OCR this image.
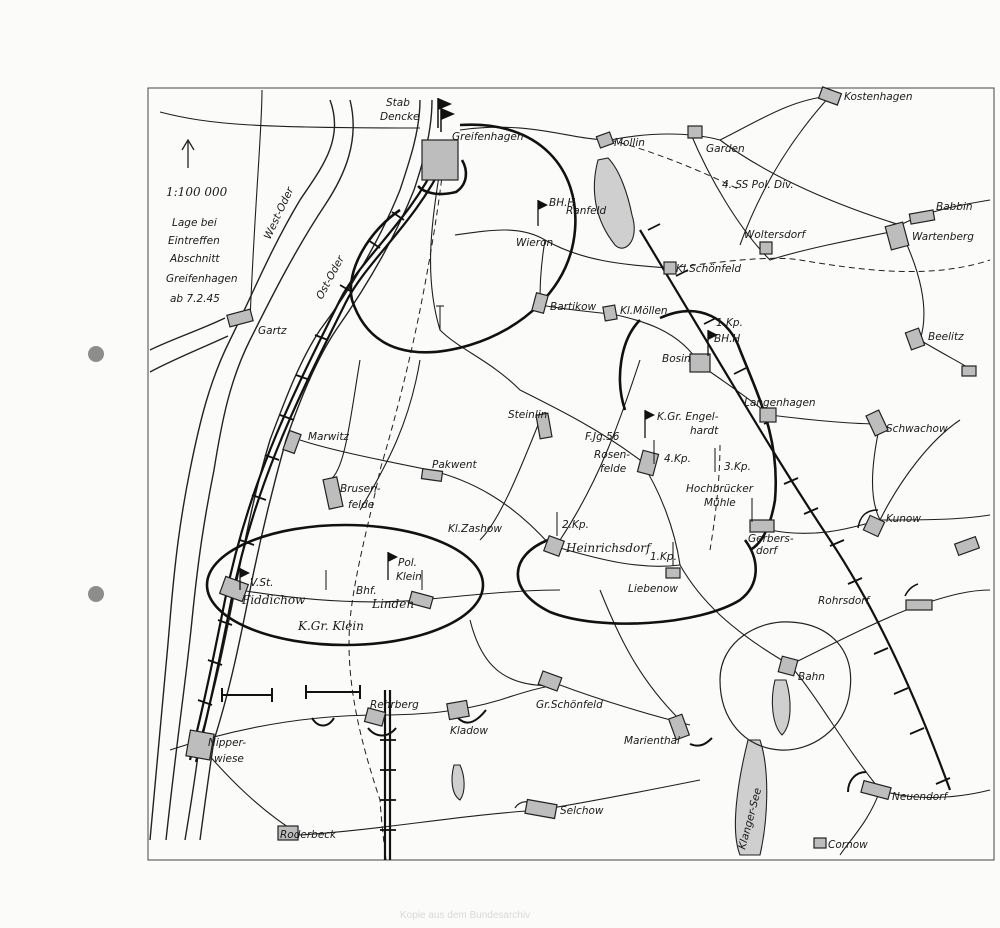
1:100 000
Lage bei
Eintreffen
Abschnitt
Greifenhagen
ab 7.2.45
West-Oder
Ost-Oder
Klanger-See
4. SS Pol. Div.
Stab
Dencke
BH.H
1.Kp.
BH.H
F.Jg.56
K.Gr. Engel-
hardt
4.Kp.
3.Kp.
2.Kp.
1.Kp.
V.St.
Pol.
Klein
Bhf.
K.Gr. Klein
Greifenhagen	Mollin	Garden
Kostenhagen
Babbin
Wartenberg
Woltersdorf
Ranfeld
Wieron
Kl.Schönfeld
Bartikow Kl.Möllen
Bosin
Beelitz
Langenhagen
Schwachow
Gartz
Marwitz
Steinlin
Rosen-
felde
Hochbrücker
Mühle
Brusen-
felde
Pakwent
Kl.Zashow
Heinrichsdorf
Gerbers-
dorf
Kunow
Fiddichow	Linden
Liebenow
Rohrsdorf
Bahn
Nipper-
wiese
Rehrberg
Kladow
Gr.Schönfeld
Marienthal
Selchow
Neuendorf
Roderbeck
Cornow
Kopie aus dem Bundesarchiv
